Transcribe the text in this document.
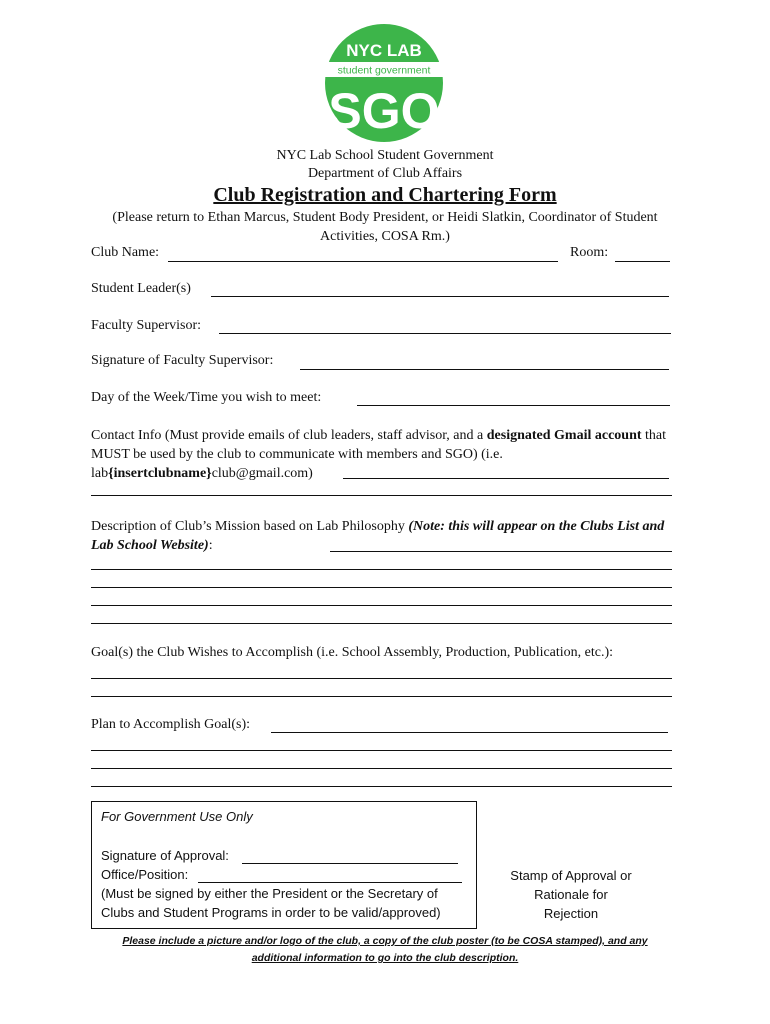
NYC LAB
student government
SGO
NYC Lab School Student Government
Department of Club Affairs
Club Registration and Chartering Form
(Please return to Ethan Marcus, Student Body President, or Heidi Slatkin, Coordinator of Student Activities, COSA Rm.)
Club Name:	Room:
Student Leader(s)
Faculty Supervisor:
Signature of Faculty Supervisor:
Day of the Week/Time you wish to meet:
Contact Info (Must provide emails of club leaders, staff advisor, and a designated Gmail account that MUST be used by the club to communicate with members and SGO) (i.e. lab{insertclubname}club@gmail.com)
Description of Club’s Mission based on Lab Philosophy (Note: this will appear on the Clubs List and Lab School Website):
Goal(s) the Club Wishes to Accomplish (i.e. School Assembly, Production, Publication, etc.):
Plan to Accomplish Goal(s):
For Government Use Only
Signature of Approval:
Office/Position:
(Must be signed by either the President or the Secretary of
Clubs and Student Programs in order to be valid/approved)
Stamp of Approval or
Rationale for
Rejection
Please include a picture and/or logo of the club, a copy of the club poster (to be COSA stamped), and any
additional information to go into the club description.
